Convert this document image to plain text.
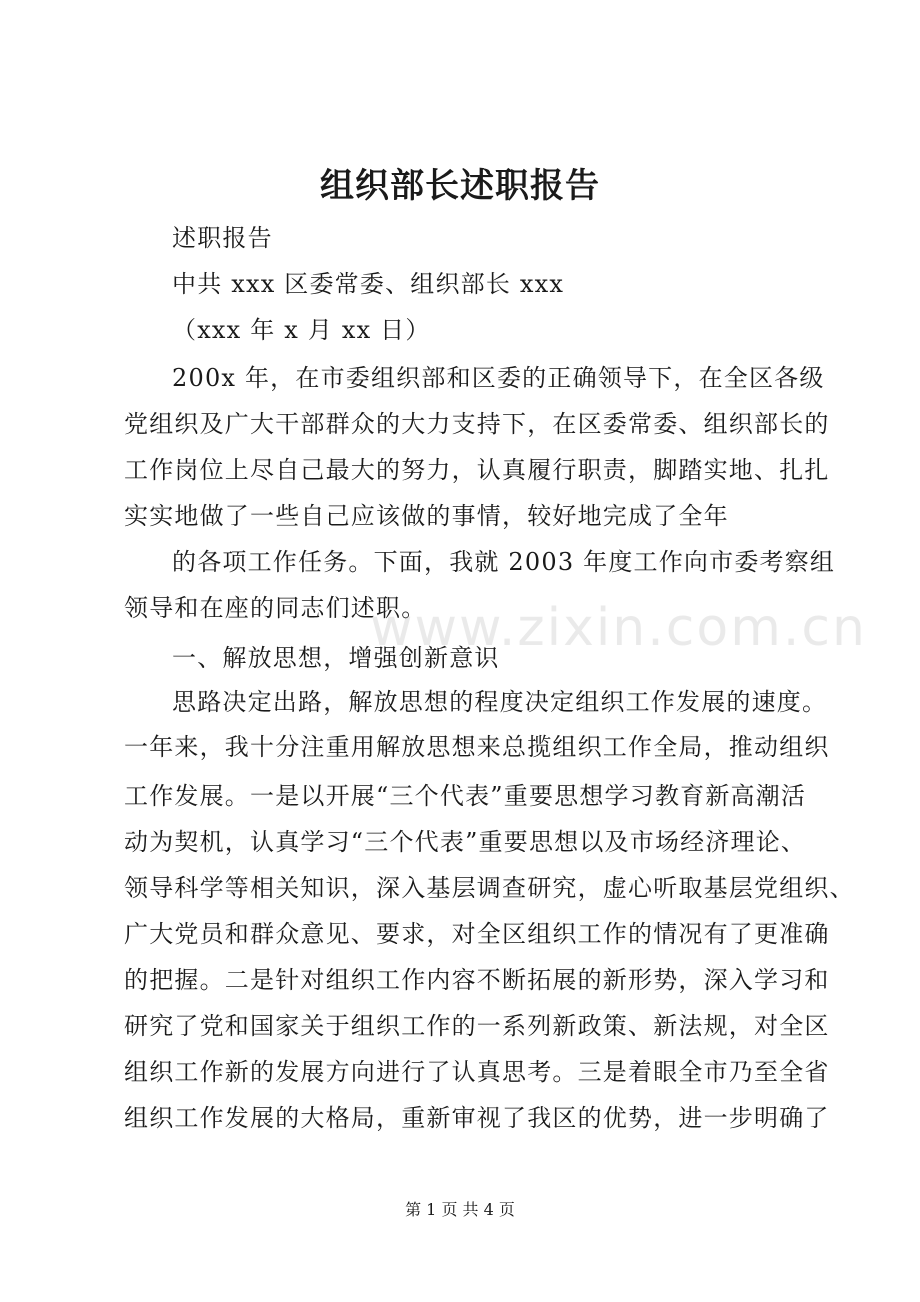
组织部长述职报告
述职报告
中共 xxx 区委常委、组织部长 xxx
（xxx 年 x 月 xx 日）
200x 年，在市委组织部和区委的正确领导下，在全区各级
党组织及广大干部群众的大力支持下，在区委常委、组织部长的
工作岗位上尽自己最大的努力，认真履行职责，脚踏实地、扎扎
实实地做了一些自己应该做的事情，较好地完成了全年
的各项工作任务。下面，我就 2003 年度工作向市委考察组
领导和在座的同志们述职。
一、解放思想，增强创新意识
思路决定出路，解放思想的程度决定组织工作发展的速度。
一年来，我十分注重用解放思想来总揽组织工作全局，推动组织
工作发展。一是以开展“三个代表”重要思想学习教育新高潮活
动为契机，认真学习“三个代表”重要思想以及市场经济理论、
领导科学等相关知识，深入基层调查研究，虚心听取基层党组织、
广大党员和群众意见、要求，对全区组织工作的情况有了更准确
的把握。二是针对组织工作内容不断拓展的新形势，深入学习和
研究了党和国家关于组织工作的一系列新政策、新法规，对全区
组织工作新的发展方向进行了认真思考。三是着眼全市乃至全省
组织工作发展的大格局，重新审视了我区的优势，进一步明确了
www.zixin.com.cn
第 1 页 共 4 页
